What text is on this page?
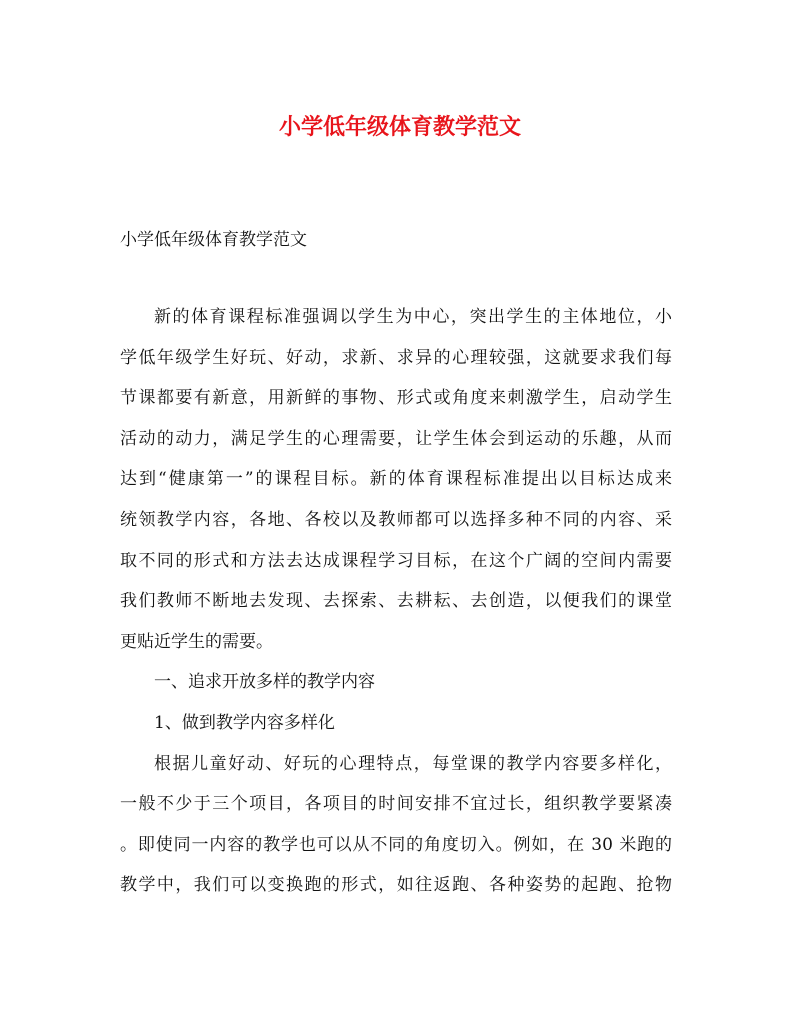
小学低年级体育教学范文

小学低年级体育教学范文

新的体育课程标准强调以学生为中心，突出学生的主体地位，小
学低年级学生好玩、好动，求新、求异的心理较强，这就要求我们每
节课都要有新意，用新鲜的事物、形式或角度来刺激学生，启动学生
活动的动力，满足学生的心理需要，让学生体会到运动的乐趣，从而
达到“健康第一”的课程目标。新的体育课程标准提出以目标达成来
统领教学内容，各地、各校以及教师都可以选择多种不同的内容、采
取不同的形式和方法去达成课程学习目标，在这个广阔的空间内需要
我们教师不断地去发现、去探索、去耕耘、去创造，以便我们的课堂
更贴近学生的需要。
一、追求开放多样的教学内容
1、做到教学内容多样化
根据儿童好动、好玩的心理特点，每堂课的教学内容要多样化，
一般不少于三个项目，各项目的时间安排不宜过长，组织教学要紧凑
。即使同一内容的教学也可以从不同的角度切入。例如，在 30 米跑的
教学中，我们可以变换跑的形式，如往返跑、各种姿势的起跑、抢物
